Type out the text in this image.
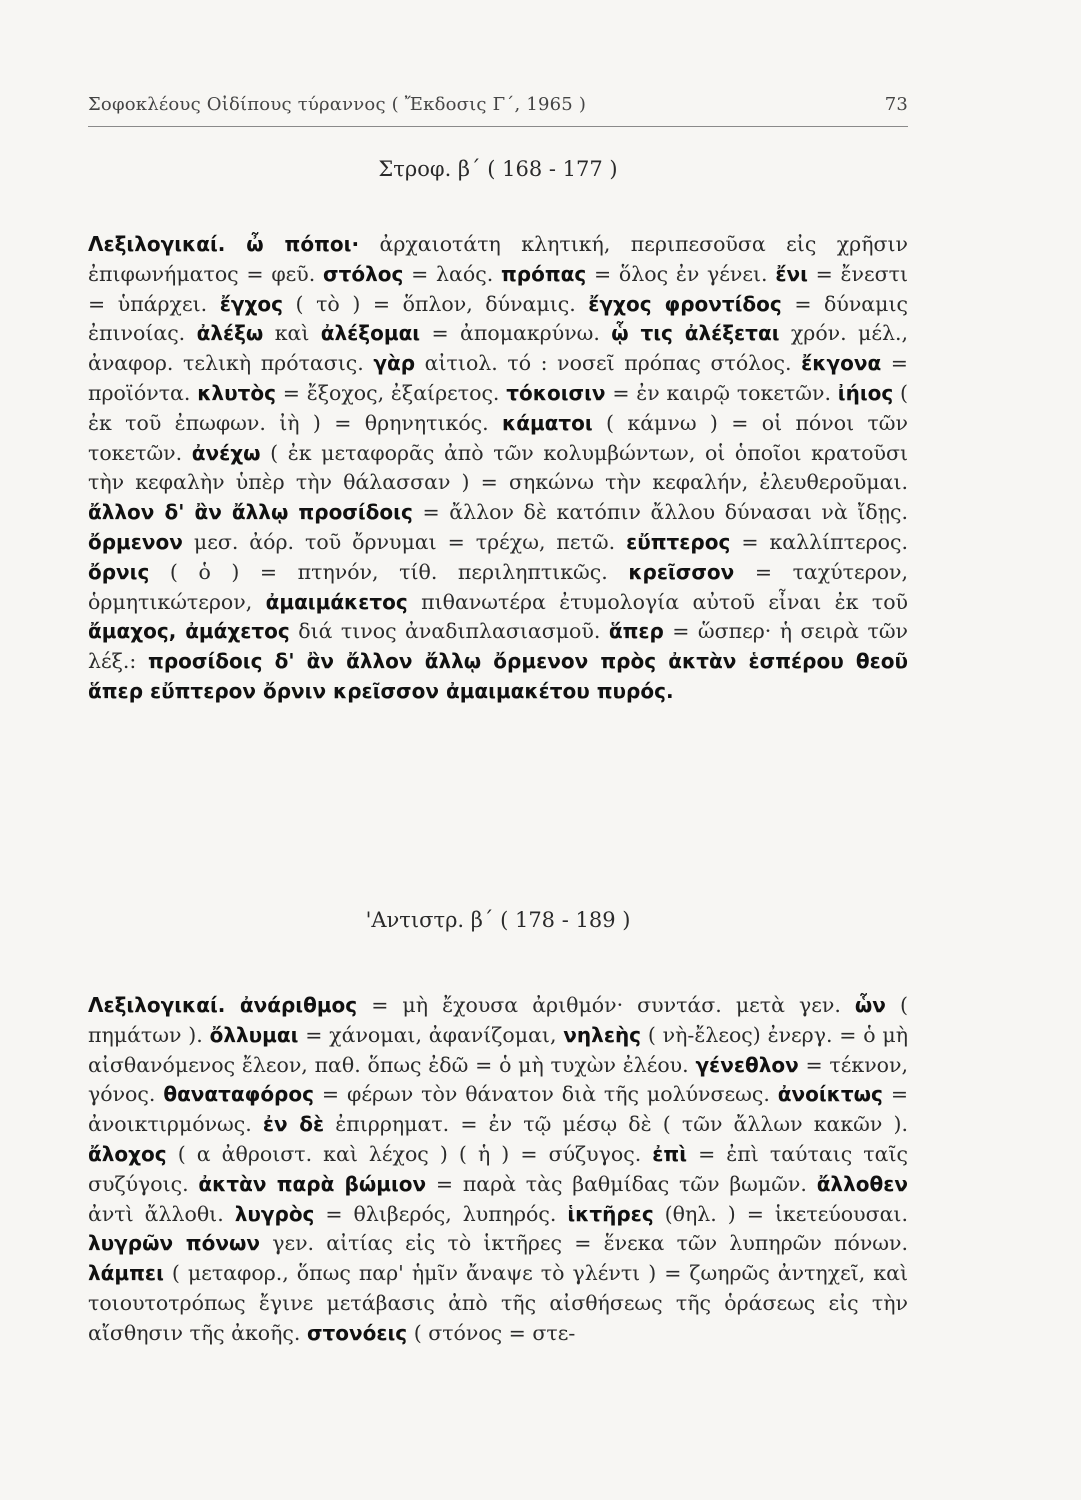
Σοφοκλέους Οἰδίπους τύραννος ( Ἔκδοσις Γ΄, 1965 )	73
Στροφ. β΄ ( 168 - 177 )
Λεξιλογικαί. ὦ πόποι· ἀρχαιοτάτη κλητική, περιπεσοῦσα εἰς χρῆσιν ἐπιφωνήματος = φεῦ. στόλος = λαός. πρόπας = ὅλος ἐν γένει. ἔνι = ἔνεστι = ὑπάρχει. ἔγχος ( τὸ ) = ὅπλον, δύναμις. ἔγχος φροντίδος = δύναμις ἐπινοίας. ἀλέξω καὶ ἀλέξομαι = ἀπομακρύνω. ᾧ τις ἀλέξεται χρόν. μέλ., ἀναφορ. τελικὴ πρότασις. γὰρ αἰτιολ. τό : νοσεῖ πρόπας στόλος. ἔκγονα = προϊόντα. κλυτὸς = ἔξοχος, ἐξαίρετος. τόκοισιν = ἐν καιρῷ τοκετῶν. ἰήιος ( ἐκ τοῦ ἐπωφων. ἰὴ ) = θρηνητικός. κάματοι ( κάμνω ) = οἱ πόνοι τῶν τοκετῶν. ἀνέχω ( ἐκ μεταφορᾶς ἀπὸ τῶν κολυμβώντων, οἱ ὁποῖοι κρατοῦσι τὴν κεφαλὴν ὑπὲρ τὴν θάλασσαν ) = σηκώνω τὴν κεφαλήν, ἐλευθεροῦμαι. ἄλλον δ' ἂν ἄλλῳ προσίδοις = ἄλλον δὲ κατόπιν ἄλλου δύνασαι νὰ ἴδῃς. ὄρμενον μεσ. ἀόρ. τοῦ ὄρνυμαι = τρέχω, πετῶ. εὔπτερος = καλλίπτερος. ὄρνις ( ὁ ) = πτηνόν, τίθ. περιληπτικῶς. κρεῖσσον = ταχύτερον, ὁρμητικώτερον, ἀμαιμάκετος πιθανωτέρα ἐτυμολογία αὐτοῦ εἶναι ἐκ τοῦ ἄμαχος, ἀμάχετος διά τινος ἀναδιπλασιασμοῦ. ἅπερ = ὥσπερ· ἡ σειρὰ τῶν λέξ.: προσίδοις δ' ἂν ἄλλον ἄλλῳ ὄρμενον πρὸς ἀκτὰν ἑσπέρου θεοῦ ἅπερ εὔπτερον ὄρνιν κρεῖσσον ἀμαιμακέτου πυρός.
'Αντιστρ. β΄ ( 178 - 189 )
Λεξιλογικαί. ἀνάριθμος = μὴ ἔχουσα ἀριθμόν· συντάσ. μετὰ γεν. ὧν ( πημάτων ). ὄλλυμαι = χάνομαι, ἀφανίζομαι, νηλεὴς ( νὴ-ἔλεος) ἐνεργ. = ὁ μὴ αἰσθανόμενος ἔλεον, παθ. ὅπως ἐδῶ = ὁ μὴ τυχὼν ἐλέου. γένεθλον = τέκνον, γόνος. θαναταφόρος = φέρων τὸν θάνατον διὰ τῆς μολύνσεως. ἀνοίκτως = ἀνοικτιρμόνως. ἐν δὲ ἐπιρρηματ. = ἐν τῷ μέσῳ δὲ ( τῶν ἄλλων κακῶν ). ἄλοχος ( α ἀθροιστ. καὶ λέχος ) ( ἡ ) = σύζυγος. ἐπὶ = ἐπὶ ταύταις ταῖς συζύγοις. ἀκτὰν παρὰ βώμιον = παρὰ τὰς βαθμίδας τῶν βωμῶν. ἄλλοθεν ἀντὶ ἄλλοθι. λυγρὸς = θλιβερός, λυπηρός. ἱκτῆρες (θηλ. ) = ἱκετεύουσαι. λυγρῶν πόνων γεν. αἰτίας εἰς τὸ ἱκτῆρες = ἕνεκα τῶν λυπηρῶν πόνων. λάμπει ( μεταφορ., ὅπως παρ' ἡμῖν ἄναψε τὸ γλέντι ) = ζωηρῶς ἀντηχεῖ, καὶ τοιουτοτρόπως ἔγινε μετάβασις ἀπὸ τῆς αἰσθήσεως τῆς ὁράσεως εἰς τὴν αἴσθησιν τῆς ἀκοῆς. στονόεις ( στόνος = στε-
